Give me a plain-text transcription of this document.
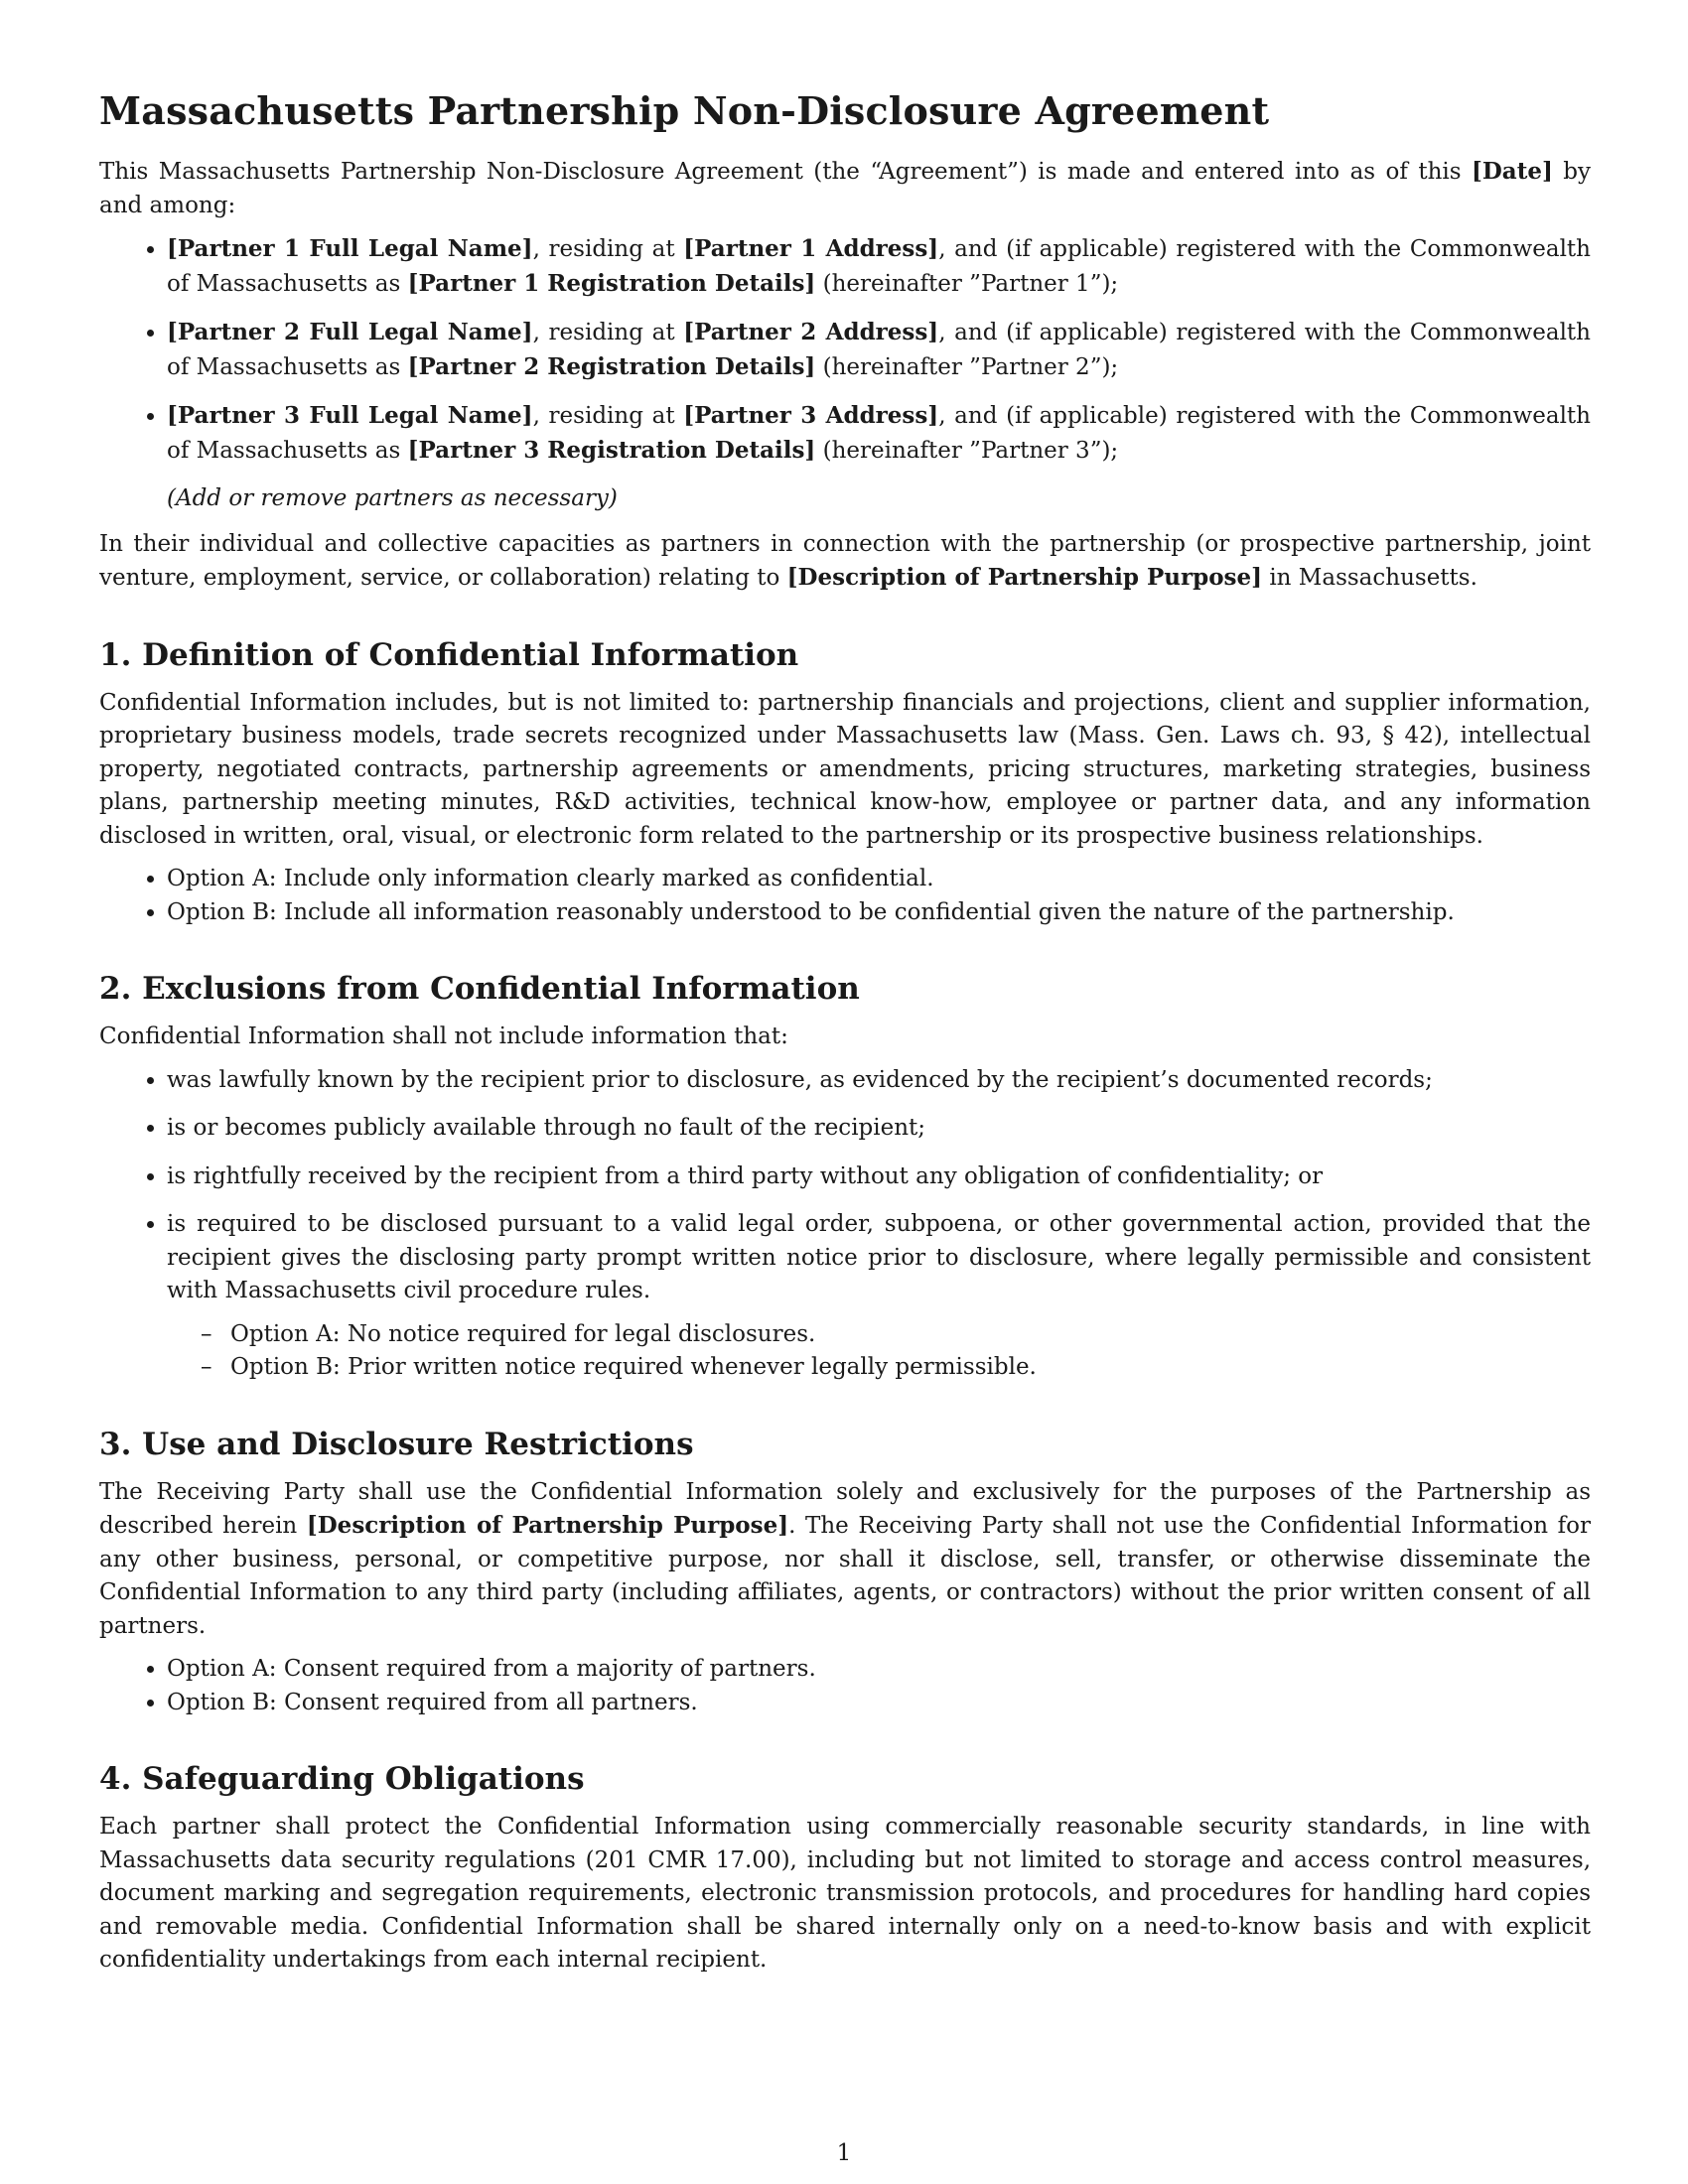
Massachusetts Partnership Non-Disclosure Agreement

This Massachusetts Partnership Non-Disclosure Agreement (the “Agreement”) is made and entered into as of this [Date] by and among:

• [Partner 1 Full Legal Name], residing at [Partner 1 Address], and (if applicable) registered with the Commonwealth of Massachusetts as [Partner 1 Registration Details] (hereinafter ”Partner 1”);
• [Partner 2 Full Legal Name], residing at [Partner 2 Address], and (if applicable) registered with the Commonwealth of Massachusetts as [Partner 2 Registration Details] (hereinafter ”Partner 2”);
• [Partner 3 Full Legal Name], residing at [Partner 3 Address], and (if applicable) registered with the Commonwealth of Massachusetts as [Partner 3 Registration Details] (hereinafter ”Partner 3”);
(Add or remove partners as necessary)

In their individual and collective capacities as partners in connection with the partnership (or prospective partnership, joint venture, employment, service, or collaboration) relating to [Description of Partnership Purpose] in Massachusetts.

1. Definition of Confidential Information

Confidential Information includes, but is not limited to: partnership financials and projections, client and supplier information, proprietary business models, trade secrets recognized under Massachusetts law (Mass. Gen. Laws ch. 93, § 42), intellectual property, negotiated contracts, partnership agreements or amendments, pricing structures, marketing strategies, business plans, partnership meeting minutes, R&D activities, technical know-how, employee or partner data, and any information disclosed in written, oral, visual, or electronic form related to the partnership or its prospective business relationships.

• Option A: Include only information clearly marked as confidential.
• Option B: Include all information reasonably understood to be confidential given the nature of the partnership.
2. Exclusions from Confidential Information

Confidential Information shall not include information that:

• was lawfully known by the recipient prior to disclosure, as evidenced by the recipient’s documented records;
• is or becomes publicly available through no fault of the recipient;
• is rightfully received by the recipient from a third party without any obligation of confidentiality; or
• is required to be disclosed pursuant to a valid legal order, subpoena, or other governmental action, provided that the recipient gives the disclosing party prompt written notice prior to disclosure, where legally permissible and consistent with Massachusetts civil procedure rules.
– Option A: No notice required for legal disclosures.
– Option B: Prior written notice required whenever legally permissible.
3. Use and Disclosure Restrictions

The Receiving Party shall use the Confidential Information solely and exclusively for the purposes of the Partnership as described herein [Description of Partnership Purpose]. The Receiving Party shall not use the Confidential Information for any other business, personal, or competitive purpose, nor shall it disclose, sell, transfer, or otherwise disseminate the Confidential Information to any third party (including affiliates, agents, or contractors) without the prior written consent of all partners.

• Option A: Consent required from a majority of partners.
• Option B: Consent required from all partners.
4. Safeguarding Obligations

Each partner shall protect the Confidential Information using commercially reasonable security standards, in line with Massachusetts data security regulations (201 CMR 17.00), including but not limited to storage and access control measures, document marking and segregation requirements, electronic transmission protocols, and procedures for handling hard copies and removable media. Confidential Information shall be shared internally only on a need-to-know basis and with explicit confidentiality undertakings from each internal recipient.

1
